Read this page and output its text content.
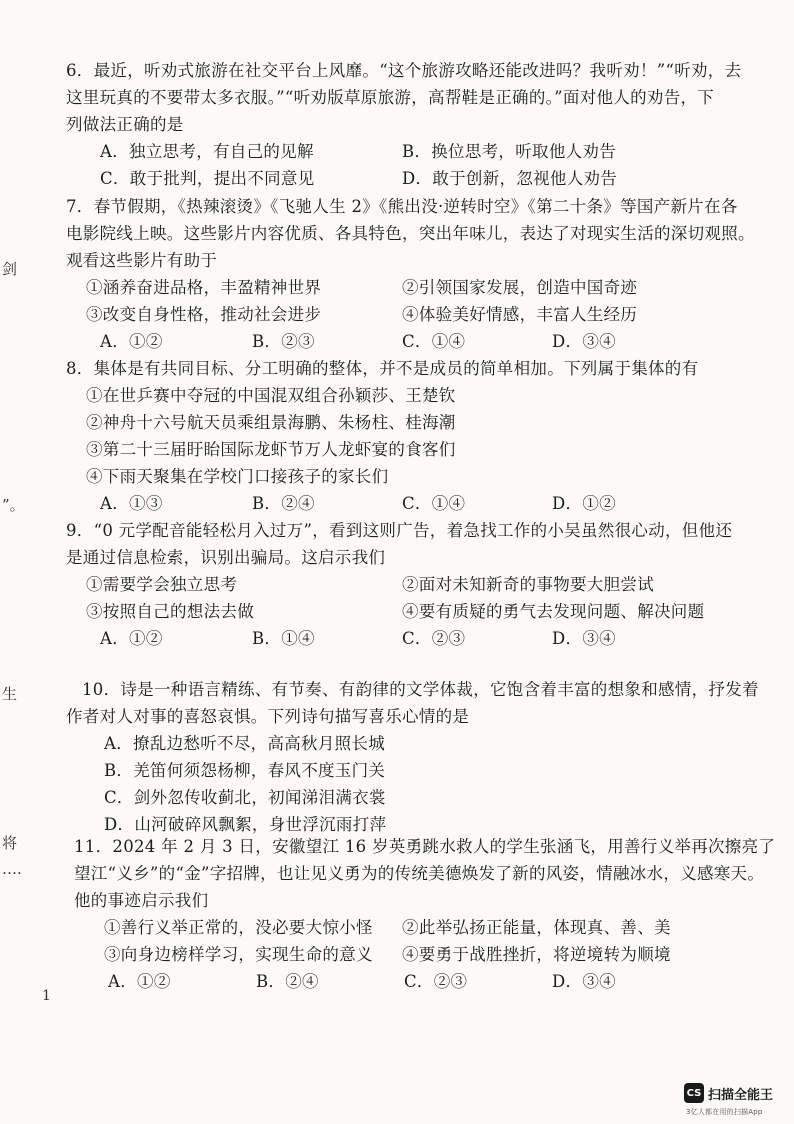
剑
”。
生
将
….
6．最近，听劝式旅游在社交平台上风靡。“这个旅游攻略还能改进吗？我听劝！”“听劝，去
这里玩真的不要带太多衣服。”“听劝版草原旅游，高帮鞋是正确的。”面对他人的劝告，下
列做法正确的是
A．独立思考，有自己的见解	B．换位思考，听取他人劝告
C．敢于批判，提出不同意见	D．敢于创新，忽视他人劝告
7．春节假期，《热辣滚烫》《飞驰人生 2》《熊出没·逆转时空》《第二十条》等国产新片在各
电影院线上映。这些影片内容优质、各具特色，突出年味儿，表达了对现实生活的深切观照。
观看这些影片有助于
①涵养奋进品格，丰盈精神世界	②引领国家发展，创造中国奇迹
③改变自身性格，推动社会进步	④体验美好情感，丰富人生经历
A．①②	B．②③	C．①④	D．③④
8．集体是有共同目标、分工明确的整体，并不是成员的简单相加。下列属于集体的有
①在世乒赛中夺冠的中国混双组合孙颖莎、王楚钦
②神舟十六号航天员乘组景海鹏、朱杨柱、桂海潮
③第二十三届盱眙国际龙虾节万人龙虾宴的食客们
④下雨天聚集在学校门口接孩子的家长们
A．①③	B．②④	C．①④	D．①②
9．“0 元学配音能轻松月入过万”，看到这则广告，着急找工作的小吴虽然很心动，但他还
是通过信息检索，识别出骗局。这启示我们
①需要学会独立思考	②面对未知新奇的事物要大胆尝试
③按照自己的想法去做	④要有质疑的勇气去发现问题、解决问题
A．①②	B．①④	C．②③	D．③④
10．诗是一种语言精练、有节奏、有韵律的文学体裁，它饱含着丰富的想象和感情，抒发着
作者对人对事的喜怒哀惧。下列诗句描写喜乐心情的是
A．撩乱边愁听不尽，高高秋月照长城
B．羌笛何须怨杨柳，春风不度玉门关
C．剑外忽传收蓟北，初闻涕泪满衣裳
D．山河破碎风飘絮，身世浮沉雨打萍
11．2024 年 2 月 3 日，安徽望江 16 岁英勇跳水救人的学生张涵飞，用善行义举再次擦亮了
望江“义乡”的“金”字招牌，也让见义勇为的传统美德焕发了新的风姿，情融冰水，义感寒天。
他的事迹启示我们
①善行义举正常的，没必要大惊小怪 ②此举弘扬正能量，体现真、善、美
③向身边榜样学习，实现生命的意义 ④要勇于战胜挫折，将逆境转为顺境
A．①②	B．②④	C．②③	D．③④
1
CS 扫描全能王
3亿人都在用的扫描App
